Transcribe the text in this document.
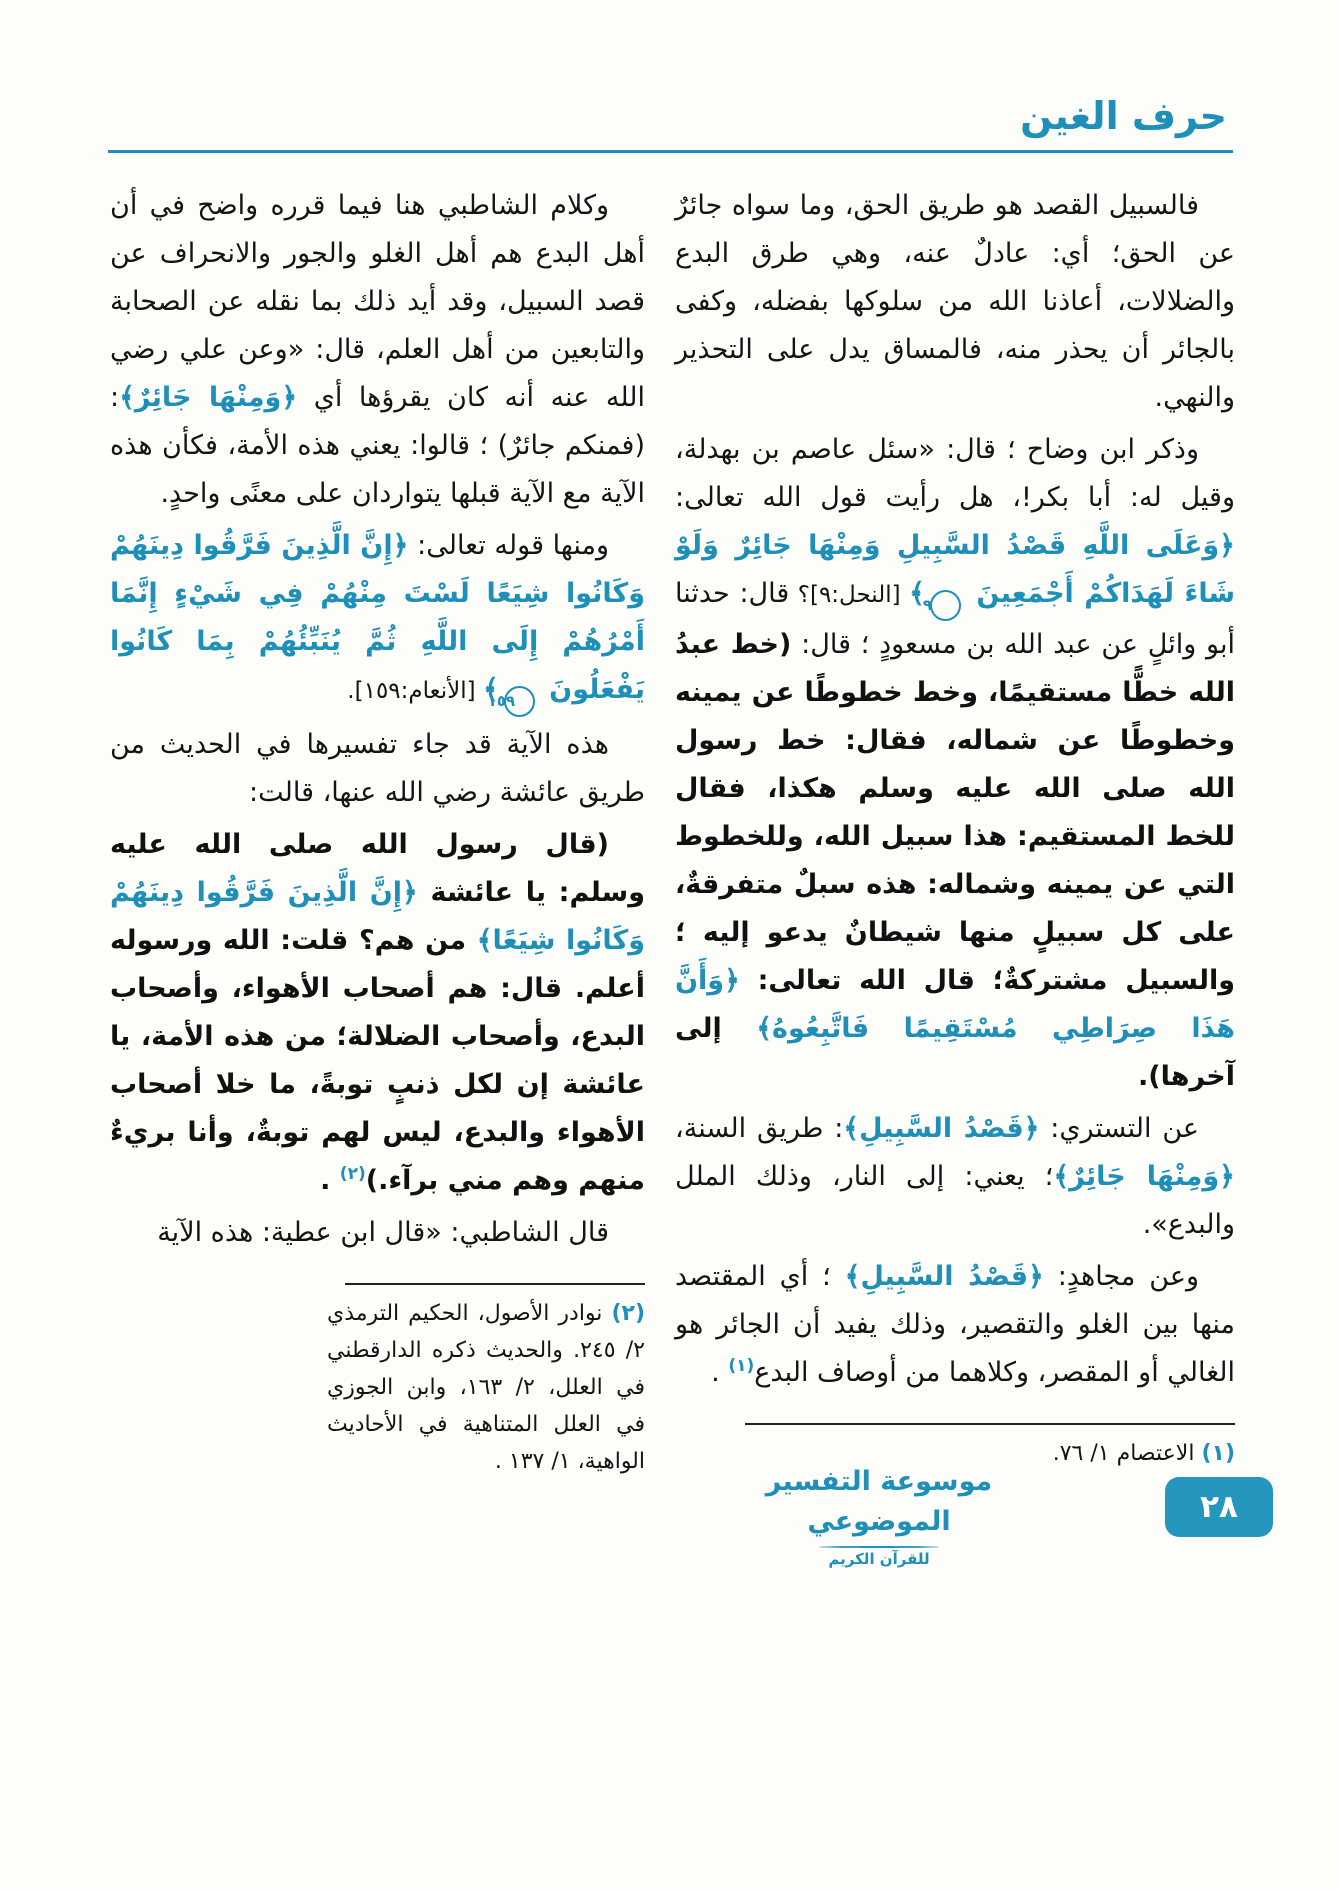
حرف الغين

فالسبيل القصد هو طريق الحق، وما سواه جائرٌ عن الحق؛ أي: عادلٌ عنه، وهي طرق البدع والضلالات، أعاذنا الله من سلوكها بفضله، وكفى بالجائر أن يحذر منه، فالمساق يدل على التحذير والنهي.

وذكر ابن وضاح ؛ قال: «سئل عاصم بن بهدلة، وقيل له: أبا بكر!، هل رأيت قول الله تعالى: ﴿وَعَلَى اللَّهِ قَصْدُ السَّبِيلِ وَمِنْهَا جَائِرٌ وَلَوْ شَاءَ لَهَدَاكُمْ أَجْمَعِينَ ٩﴾ [النحل:٩]؟ قال: حدثنا أبو وائلٍ عن عبد الله بن مسعودٍ ؛ قال: (خط عبدُ الله خطًّا مستقيمًا، وخط خطوطًا عن يمينه وخطوطًا عن شماله، فقال: خط رسول الله صلى الله عليه وسلم هكذا، فقال للخط المستقيم: هذا سبيل الله، وللخطوط التي عن يمينه وشماله: هذه سبلٌ متفرقةٌ، على كل سبيلٍ منها شيطانٌ يدعو إليه ؛ والسبيل مشتركةٌ؛ قال الله تعالى: ﴿وَأَنَّ هَذَا صِرَاطِي مُسْتَقِيمًا فَاتَّبِعُوهُ﴾ إلى آخرها).

عن التستري: ﴿قَصْدُ السَّبِيلِ﴾: طريق السنة، ﴿وَمِنْهَا جَائِرٌ﴾؛ يعني: إلى النار، وذلك الملل والبدع».

وعن مجاهدٍ: ﴿قَصْدُ السَّبِيلِ﴾ ؛ أي المقتصد منها بين الغلو والتقصير، وذلك يفيد أن الجائر هو الغالي أو المقصر، وكلاهما من أوصاف البدع$^{(١)}$ .

(١) الاعتصام ١/ ٧٦.

وكلام الشاطبي هنا فيما قرره واضح في أن أهل البدع هم أهل الغلو والجور والانحراف عن قصد السبيل، وقد أيد ذلك بما نقله عن الصحابة والتابعين من أهل العلم، قال: «وعن علي رضي الله عنه أنه كان يقرؤها أي ﴿وَمِنْهَا جَائِرٌ﴾: (فمنكم جائرٌ) ؛ قالوا: يعني هذه الأمة، فكأن هذه الآية مع الآية قبلها يتواردان على معنًى واحدٍ.

ومنها قوله تعالى: ﴿إِنَّ الَّذِينَ فَرَّقُوا دِينَهُمْ وَكَانُوا شِيَعًا لَسْتَ مِنْهُمْ فِي شَيْءٍ إِنَّمَا أَمْرُهُمْ إِلَى اللَّهِ ثُمَّ يُنَبِّئُهُمْ بِمَا كَانُوا يَفْعَلُونَ ١٥٩﴾ [الأنعام:١٥٩].

هذه الآية قد جاء تفسيرها في الحديث من طريق عائشة رضي الله عنها، قالت:

(قال رسول الله صلى الله عليه وسلم: يا عائشة ﴿إِنَّ الَّذِينَ فَرَّقُوا دِينَهُمْ وَكَانُوا شِيَعًا﴾ من هم؟ قلت: الله ورسوله أعلم. قال: هم أصحاب الأهواء، وأصحاب البدع، وأصحاب الضلالة؛ من هذه الأمة، يا عائشة إن لكل ذنبٍ توبةً، ما خلا أصحاب الأهواء والبدع، ليس لهم توبةٌ، وأنا بريءٌ منهم وهم مني برآء.)$^{(٢)}$ .

قال الشاطبي: «قال ابن عطية: هذه الآية

(٢) نوادر الأصول، الحكيم الترمذي ٢/ ٢٤٥. والحديث ذكره الدارقطني في العلل، ٢/ ١٦٣، وابن الجوزي في العلل المتناهية في الأحاديث الواهية، ١/ ١٣٧ .
موسوعة التفسير الموضوعي
للقرآن الكريم
٢٨
